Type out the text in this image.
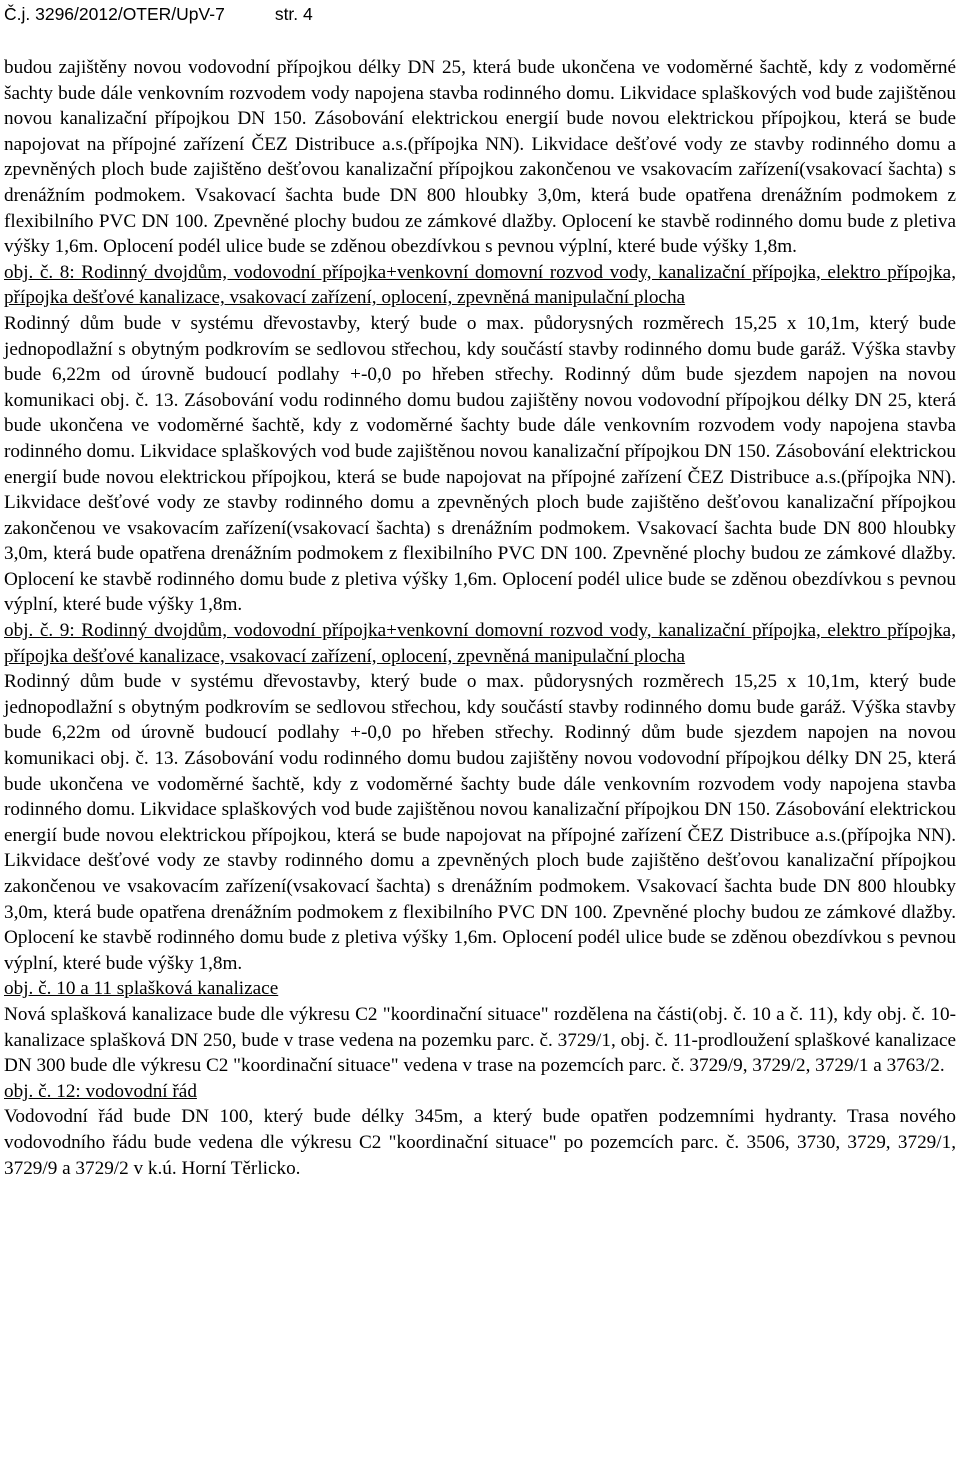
Č.j. 3296/2012/OTER/UpV-7	str. 4

budou zajištěny novou vodovodní přípojkou délky DN 25, která bude ukončena ve vodoměrné šachtě, kdy z vodoměrné šachty bude dále venkovním rozvodem vody napojena stavba rodinného domu. Likvidace splaškových vod bude zajištěnou novou kanalizační přípojkou DN 150. Zásobování elektrickou energií bude novou elektrickou přípojkou, která se bude napojovat na přípojné zařízení ČEZ Distribuce a.s.(přípojka NN). Likvidace dešťové vody ze stavby rodinného domu a zpevněných ploch bude zajištěno dešťovou kanalizační přípojkou zakončenou ve vsakovacím zařízení(vsakovací šachta) s drenážním podmokem. Vsakovací šachta bude DN 800 hloubky 3,0m, která bude opatřena drenážním podmokem z flexibilního PVC DN 100. Zpevněné plochy budou ze zámkové dlažby. Oplocení ke stavbě rodinného domu bude z pletiva výšky 1,6m. Oplocení podél ulice bude se zděnou obezdívkou s pevnou výplní, které bude výšky 1,8m.

obj. č. 8: Rodinný dvojdům, vodovodní přípojka+venkovní domovní rozvod vody, kanalizační přípojka, elektro přípojka, přípojka dešťové kanalizace, vsakovací zařízení, oplocení, zpevněná manipulační plocha

Rodinný dům bude v systému dřevostavby, který bude o max. půdorysných rozměrech 15,25 x 10,1m, který bude jednopodlažní s obytným podkrovím se sedlovou střechou, kdy součástí stavby rodinného domu bude garáž. Výška stavby bude 6,22m od úrovně budoucí podlahy +-0,0 po hřeben střechy. Rodinný dům bude sjezdem napojen na novou komunikaci obj. č. 13. Zásobování vodu rodinného domu budou zajištěny novou vodovodní přípojkou délky DN 25, která bude ukončena ve vodoměrné šachtě, kdy z vodoměrné šachty bude dále venkovním rozvodem vody napojena stavba rodinného domu. Likvidace splaškových vod bude zajištěnou novou kanalizační přípojkou DN 150. Zásobování elektrickou energií bude novou elektrickou přípojkou, která se bude napojovat na přípojné zařízení ČEZ Distribuce a.s.(přípojka NN). Likvidace dešťové vody ze stavby rodinného domu a zpevněných ploch bude zajištěno dešťovou kanalizační přípojkou zakončenou ve vsakovacím zařízení(vsakovací šachta) s drenážním podmokem. Vsakovací šachta bude DN 800 hloubky 3,0m, která bude opatřena drenážním podmokem z flexibilního PVC DN 100. Zpevněné plochy budou ze zámkové dlažby. Oplocení ke stavbě rodinného domu bude z pletiva výšky 1,6m. Oplocení podél ulice bude se zděnou obezdívkou s pevnou výplní, které bude výšky 1,8m.

obj. č. 9: Rodinný dvojdům, vodovodní přípojka+venkovní domovní rozvod vody, kanalizační přípojka, elektro přípojka, přípojka dešťové kanalizace, vsakovací zařízení, oplocení, zpevněná manipulační plocha

Rodinný dům bude v systému dřevostavby, který bude o max. půdorysných rozměrech 15,25 x 10,1m, který bude jednopodlažní s obytným podkrovím se sedlovou střechou, kdy součástí stavby rodinného domu bude garáž. Výška stavby bude 6,22m od úrovně budoucí podlahy +-0,0 po hřeben střechy. Rodinný dům bude sjezdem napojen na novou komunikaci obj. č. 13. Zásobování vodu rodinného domu budou zajištěny novou vodovodní přípojkou délky DN 25, která bude ukončena ve vodoměrné šachtě, kdy z vodoměrné šachty bude dále venkovním rozvodem vody napojena stavba rodinného domu. Likvidace splaškových vod bude zajištěnou novou kanalizační přípojkou DN 150. Zásobování elektrickou energií bude novou elektrickou přípojkou, která se bude napojovat na přípojné zařízení ČEZ Distribuce a.s.(přípojka NN). Likvidace dešťové vody ze stavby rodinného domu a zpevněných ploch bude zajištěno dešťovou kanalizační přípojkou zakončenou ve vsakovacím zařízení(vsakovací šachta) s drenážním podmokem. Vsakovací šachta bude DN 800 hloubky 3,0m, která bude opatřena drenážním podmokem z flexibilního PVC DN 100. Zpevněné plochy budou ze zámkové dlažby. Oplocení ke stavbě rodinného domu bude z pletiva výšky 1,6m. Oplocení podél ulice bude se zděnou obezdívkou s pevnou výplní, které bude výšky 1,8m.

obj. č. 10 a 11 splašková kanalizace

Nová splašková kanalizace bude dle výkresu C2 "koordinační situace" rozdělena na části(obj. č. 10 a č. 11), kdy obj. č. 10-kanalizace splašková DN 250, bude v trase vedena na pozemku parc. č. 3729/1, obj. č. 11-prodloužení splaškové kanalizace DN 300 bude dle výkresu C2 "koordinační situace" vedena v trase na pozemcích parc. č. 3729/9, 3729/2, 3729/1 a 3763/2.

obj. č. 12: vodovodní řád

Vodovodní řád bude DN 100, který bude délky 345m, a který bude opatřen podzemními hydranty. Trasa nového vodovodního řádu bude vedena dle výkresu C2 "koordinační situace" po pozemcích parc. č. 3506, 3730, 3729, 3729/1, 3729/9 a 3729/2 v k.ú. Horní Těrlicko.
